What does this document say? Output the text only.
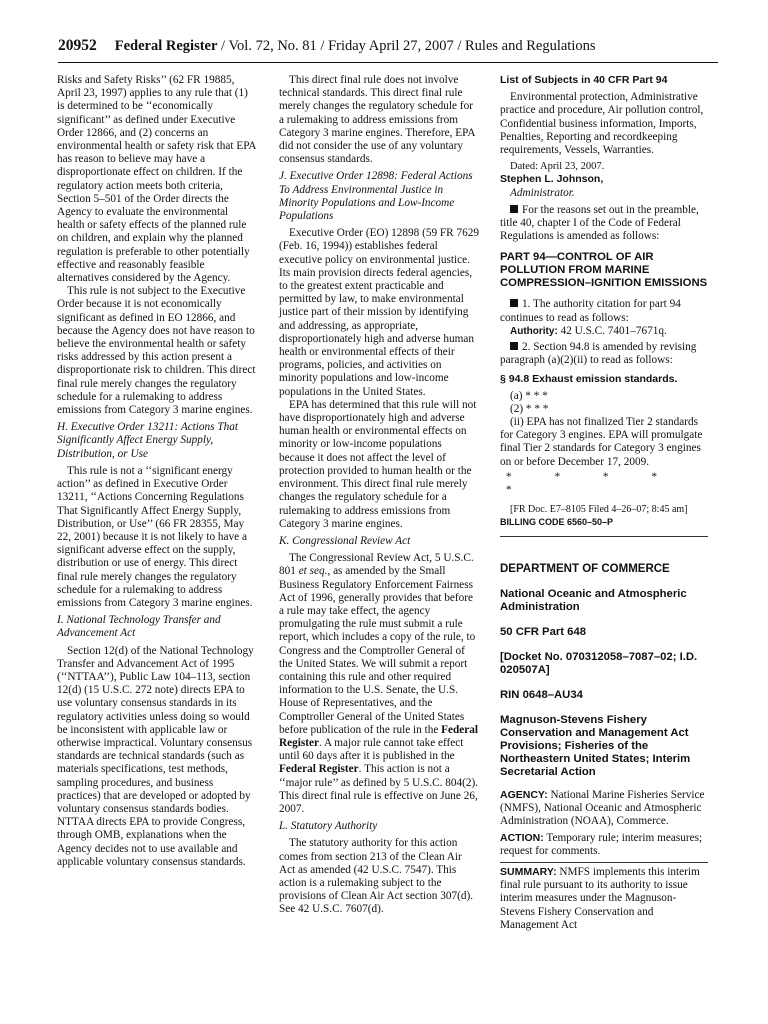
20952 Federal Register / Vol. 72, No. 81 / Friday April 27, 2007 / Rules and Regulations

Risks and Safety Risks’’ (62 FR 19885, April 23, 1997) applies to any rule that (1) is determined to be ‘‘economically significant’’ as defined under Executive Order 12866, and (2) concerns an environmental health or safety risk that EPA has reason to believe may have a disproportionate effect on children. If the regulatory action meets both criteria, Section 5–501 of the Order directs the Agency to evaluate the environmental health or safety effects of the planned rule on children, and explain why the planned regulation is preferable to other potentially effective and reasonably feasible alternatives considered by the Agency.

This rule is not subject to the Executive Order because it is not economically significant as defined in EO 12866, and because the Agency does not have reason to believe the environmental health or safety risks addressed by this action present a disproportionate risk to children. This direct final rule merely changes the regulatory schedule for a rulemaking to address emissions from Category 3 marine engines.

H. Executive Order 13211: Actions That Significantly Affect Energy Supply, Distribution, or Use

This rule is not a ‘‘significant energy action’’ as defined in Executive Order 13211, ‘‘Actions Concerning Regulations That Significantly Affect Energy Supply, Distribution, or Use’’ (66 FR 28355, May 22, 2001) because it is not likely to have a significant adverse effect on the supply, distribution or use of energy. This direct final rule merely changes the regulatory schedule for a rulemaking to address emissions from Category 3 marine engines.

I. National Technology Transfer and Advancement Act

Section 12(d) of the National Technology Transfer and Advancement Act of 1995 (‘‘NTTAA’’), Public Law 104–113, section 12(d) (15 U.S.C. 272 note) directs EPA to use voluntary consensus standards in its regulatory activities unless doing so would be inconsistent with applicable law or otherwise impractical. Voluntary consensus standards are technical standards (such as materials specifications, test methods, sampling procedures, and business practices) that are developed or adopted by voluntary consensus standards bodies. NTTAA directs EPA to provide Congress, through OMB, explanations when the Agency decides not to use available and applicable voluntary consensus standards.

This direct final rule does not involve technical standards. This direct final rule merely changes the regulatory schedule for a rulemaking to address emissions from Category 3 marine engines. Therefore, EPA did not consider the use of any voluntary consensus standards.

J. Executive Order 12898: Federal Actions To Address Environmental Justice in Minority Populations and Low-Income Populations

Executive Order (EO) 12898 (59 FR 7629 (Feb. 16, 1994)) establishes federal executive policy on environmental justice. Its main provision directs federal agencies, to the greatest extent practicable and permitted by law, to make environmental justice part of their mission by identifying and addressing, as appropriate, disproportionately high and adverse human health or environmental effects of their programs, policies, and activities on minority populations and low-income populations in the United States.

EPA has determined that this rule will not have disproportionately high and adverse human health or environmental effects on minority or low-income populations because it does not affect the level of protection provided to human health or the environment. This direct final rule merely changes the regulatory schedule for a rulemaking to address emissions from Category 3 marine engines.

K. Congressional Review Act

The Congressional Review Act, 5 U.S.C. 801 et seq., as amended by the Small Business Regulatory Enforcement Fairness Act of 1996, generally provides that before a rule may take effect, the agency promulgating the rule must submit a rule report, which includes a copy of the rule, to Congress and the Comptroller General of the United States. We will submit a report containing this rule and other required information to the U.S. Senate, the U.S. House of Representatives, and the Comptroller General of the United States before publication of the rule in the Federal Register. A major rule cannot take effect until 60 days after it is published in the Federal Register. This action is not a ‘‘major rule’’ as defined by 5 U.S.C. 804(2). This direct final rule is effective on June 26, 2007.

L. Statutory Authority

The statutory authority for this action comes from section 213 of the Clean Air Act as amended (42 U.S.C. 7547). This action is a rulemaking subject to the provisions of Clean Air Act section 307(d). See 42 U.S.C. 7607(d).

List of Subjects in 40 CFR Part 94

Environmental protection, Administrative practice and procedure, Air pollution control, Confidential business information, Imports, Penalties, Reporting and recordkeeping requirements, Vessels, Warranties.

Dated: April 23, 2007.

Stephen L. Johnson,

Administrator.

For the reasons set out in the preamble, title 40, chapter I of the Code of Federal Regulations is amended as follows:

PART 94—CONTROL OF AIR POLLUTION FROM MARINE COMPRESSION–IGNITION EMISSIONS

1. The authority citation for part 94 continues to read as follows:

Authority: 42 U.S.C. 7401–7671q.

2. Section 94.8 is amended by revising paragraph (a)(2)(ii) to read as follows:

§ 94.8 Exhaust emission standards.

(a) * * *

(2) * * *

(ii) EPA has not finalized Tier 2 standards for Category 3 engines. EPA will promulgate final Tier 2 standards for Category 3 engines on or before December 17, 2009.

* * * * *

[FR Doc. E7–8105 Filed 4–26–07; 8:45 am]

BILLING CODE 6560–50–P

DEPARTMENT OF COMMERCE

National Oceanic and Atmospheric Administration

50 CFR Part 648

[Docket No. 070312058–7087–02; I.D. 020507A]

RIN 0648–AU34

Magnuson-Stevens Fishery Conservation and Management Act Provisions; Fisheries of the Northeastern United States; Interim Secretarial Action

AGENCY: National Marine Fisheries Service (NMFS), National Oceanic and Atmospheric Administration (NOAA), Commerce.

ACTION: Temporary rule; interim measures; request for comments.

SUMMARY: NMFS implements this interim final rule pursuant to its authority to issue interim measures under the Magnuson-Stevens Fishery Conservation and Management Act
